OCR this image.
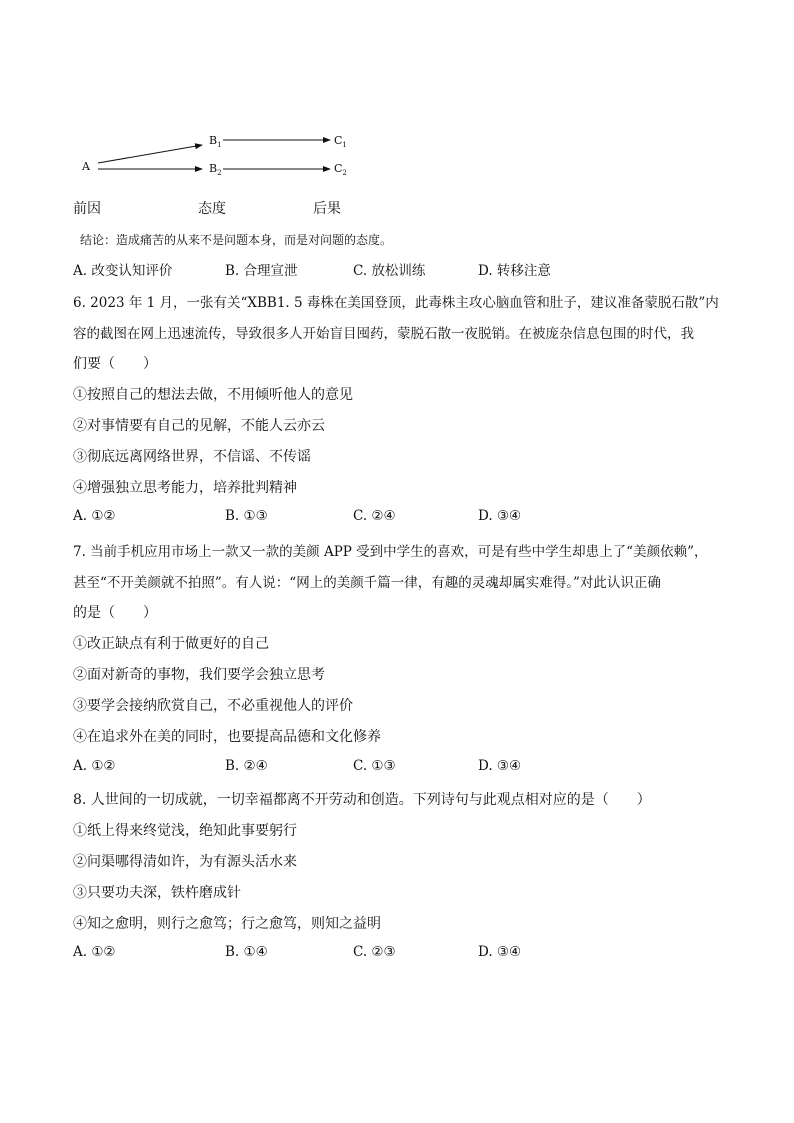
A
$B_1$
$B_2$
$C_1$
$C_2$
前因	态度	后果
结论：造成痛苦的从来不是问题本身，而是对问题的态度。
A. 改变认知评价	B. 合理宣泄	C. 放松训练	D. 转移注意
6. 2023 年 1 月，一张有关“XBB1. 5 毒株在美国登顶，此毒株主攻心脑血管和肚子，建议准备蒙脱石散”内
容的截图在网上迅速流传，导致很多人开始盲目囤药，蒙脱石散一夜脱销。在被庞杂信息包围的时代，我
们要（　　）
①按照自己的想法去做，不用倾听他人的意见
②对事情要有自己的见解，不能人云亦云
③彻底远离网络世界，不信谣、不传谣
④增强独立思考能力，培养批判精神
A. ①②	B. ①③	C. ②④	D. ③④
7. 当前手机应用市场上一款又一款的美颜 APP 受到中学生的喜欢，可是有些中学生却患上了“美颜依赖”，
甚至“不开美颜就不拍照”。有人说：“网上的美颜千篇一律，有趣的灵魂却属实难得。”对此认识正确
的是（　　）
①改正缺点有利于做更好的自己
②面对新奇的事物，我们要学会独立思考
③要学会接纳欣赏自己，不必重视他人的评价
④在追求外在美的同时，也要提高品德和文化修养
A. ①②	B. ②④	C. ①③	D. ③④
8. 人世间的一切成就，一切幸福都离不开劳动和创造。下列诗句与此观点相对应的是（　　）
①纸上得来终觉浅，绝知此事要躬行
②问渠哪得清如许，为有源头活水来
③只要功夫深，铁杵磨成针
④知之愈明，则行之愈笃；行之愈笃，则知之益明
A. ①②	B. ①④	C. ②③	D. ③④
